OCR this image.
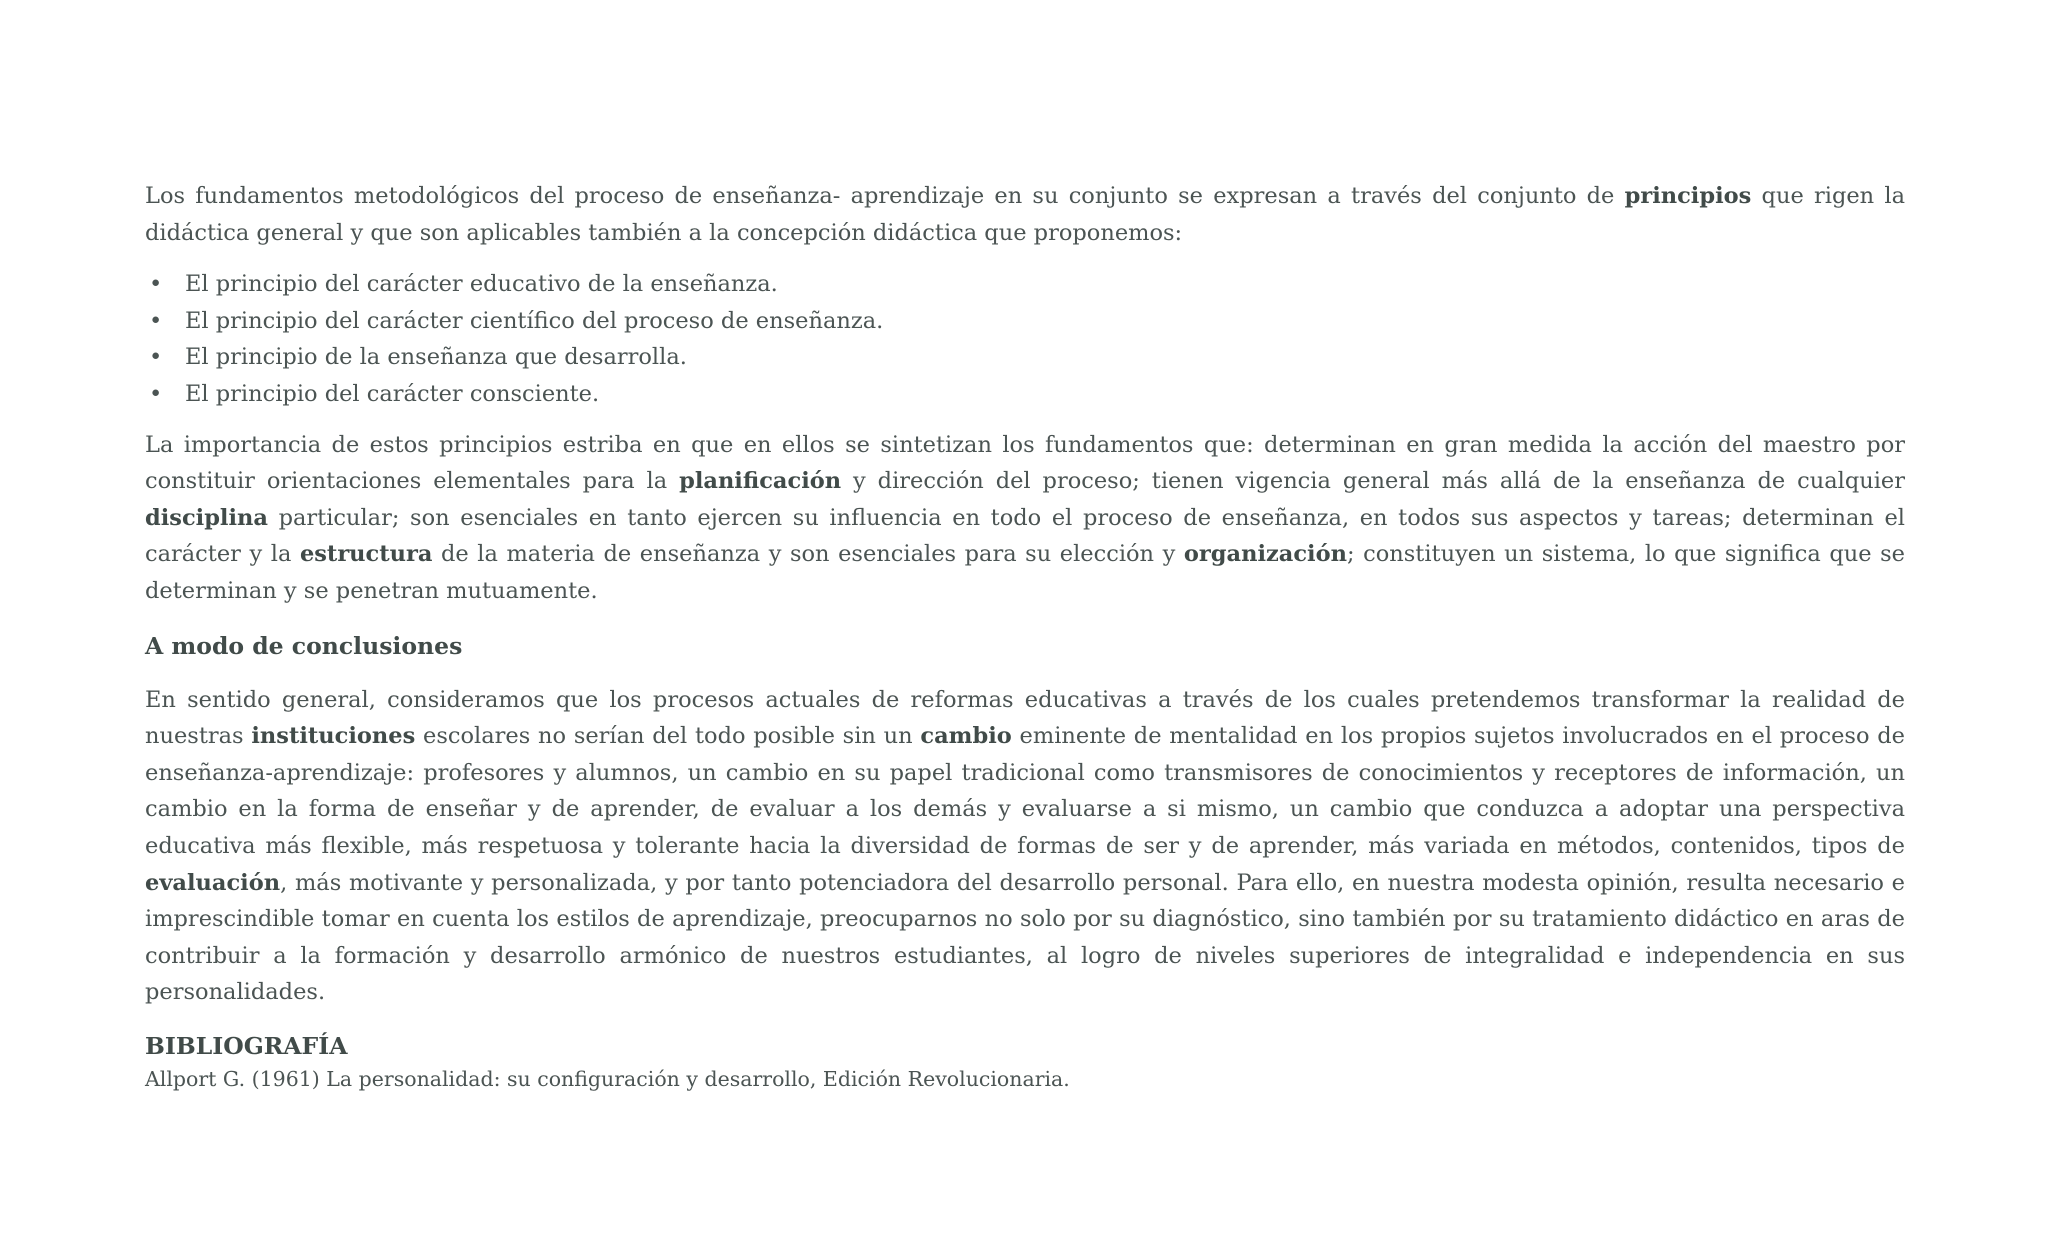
Los fundamentos metodológicos del proceso de enseñanza- aprendizaje en su conjunto se expresan a través del conjunto de principios que rigen la didáctica general y que son aplicables también a la concepción didáctica que proponemos:

• El principio del carácter educativo de la enseñanza.
• El principio del carácter científico del proceso de enseñanza.
• El principio de la enseñanza que desarrolla.
• El principio del carácter consciente.

La importancia de estos principios estriba en que en ellos se sintetizan los fundamentos que: determinan en gran medida la acción del maestro por constituir orientaciones elementales para la planificación y dirección del proceso; tienen vigencia general más allá de la enseñanza de cualquier disciplina particular; son esenciales en tanto ejercen su influencia en todo el proceso de enseñanza, en todos sus aspectos y tareas; determinan el carácter y la estructura de la materia de enseñanza y son esenciales para su elección y organización; constituyen un sistema, lo que significa que se determinan y se penetran mutuamente.

A modo de conclusiones

En sentido general, consideramos que los procesos actuales de reformas educativas a través de los cuales pretendemos transformar la realidad de nuestras instituciones escolares no serían del todo posible sin un cambio eminente de mentalidad en los propios sujetos involucrados en el proceso de enseñanza-aprendizaje: profesores y alumnos, un cambio en su papel tradicional como transmisores de conocimientos y receptores de información, un cambio en la forma de enseñar y de aprender, de evaluar a los demás y evaluarse a si mismo, un cambio que conduzca a adoptar una perspectiva educativa más flexible, más respetuosa y tolerante hacia la diversidad de formas de ser y de aprender, más variada en métodos, contenidos, tipos de evaluación, más motivante y personalizada, y por tanto potenciadora del desarrollo personal. Para ello, en nuestra modesta opinión, resulta necesario e imprescindible tomar en cuenta los estilos de aprendizaje, preocuparnos no solo por su diagnóstico, sino también por su tratamiento didáctico en aras de contribuir a la formación y desarrollo armónico de nuestros estudiantes, al logro de niveles superiores de integralidad e independencia en sus personalidades.

BIBLIOGRAFÍA

Allport G. (1961) La personalidad: su configuración y desarrollo, Edición Revolucionaria.
